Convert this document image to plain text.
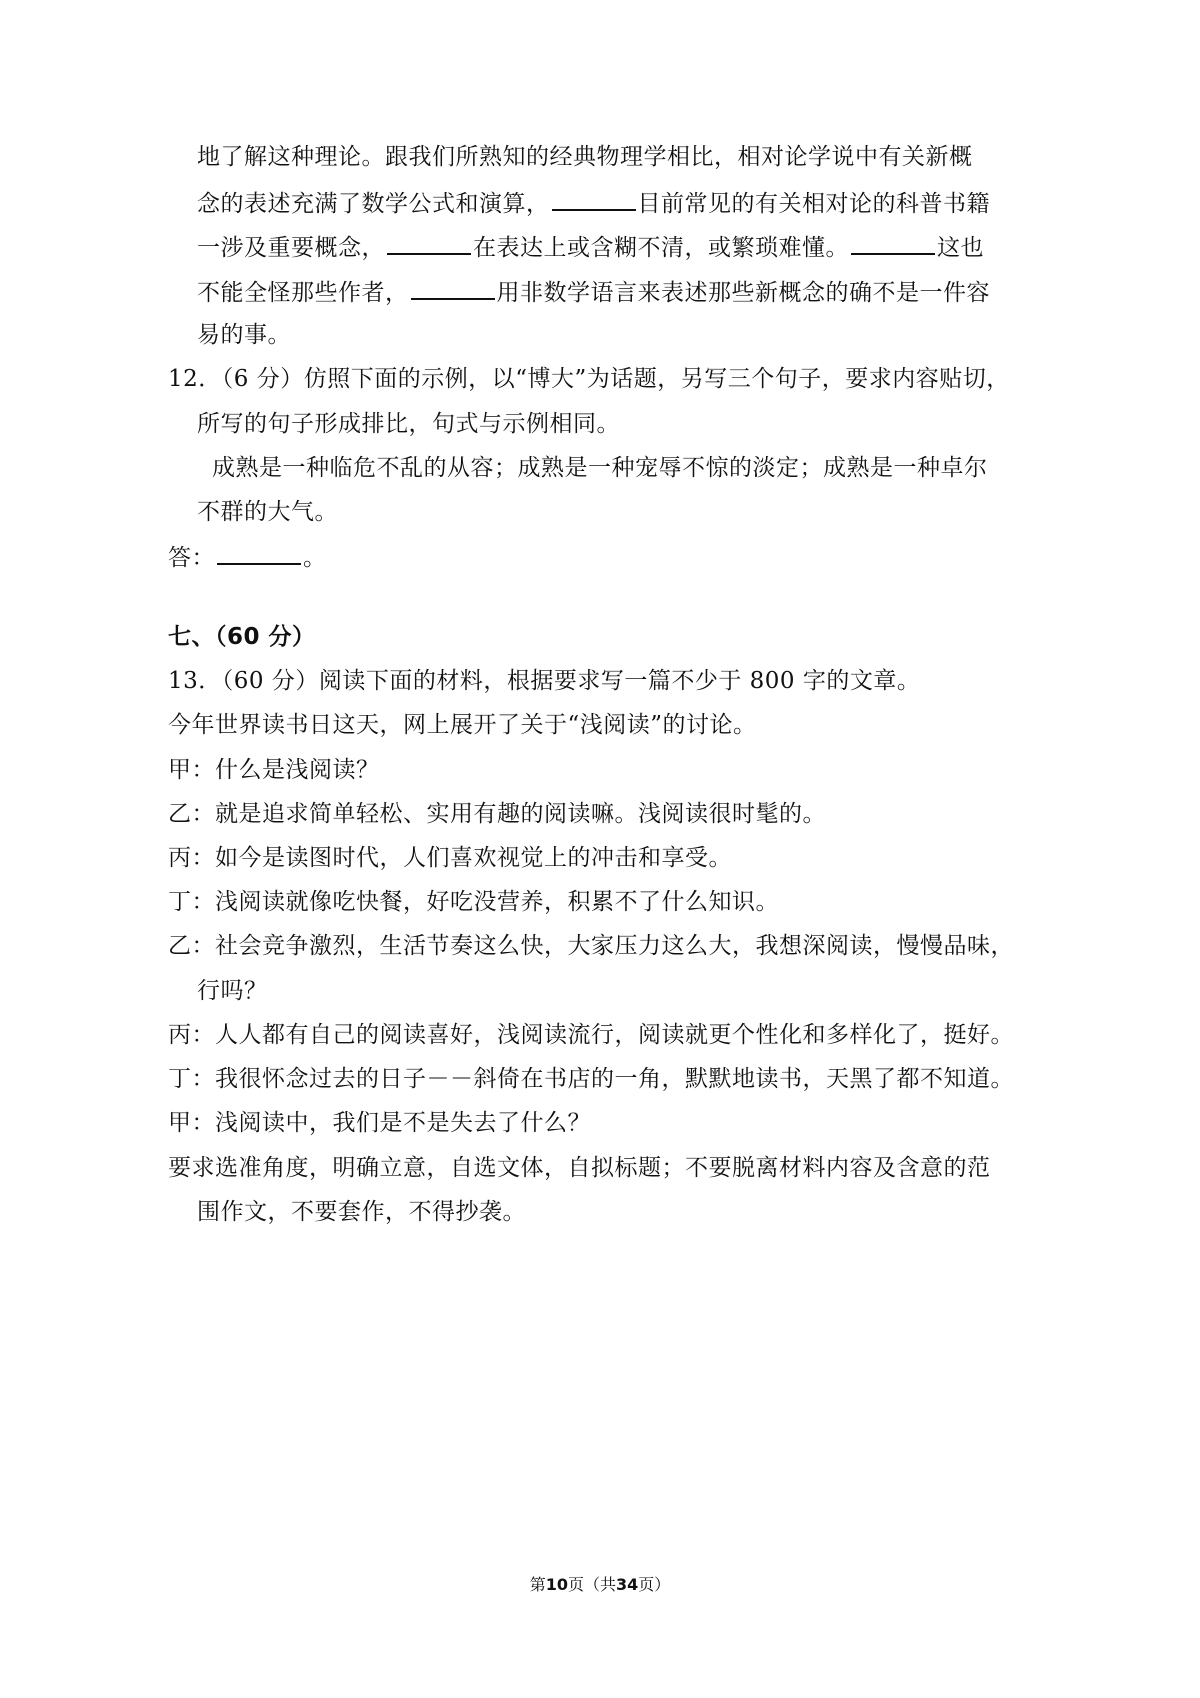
地了解这种理论。跟我们所熟知的经典物理学相比，相对论学说中有关新概
念的表述充满了数学公式和演算，	目前常见的有关相对论的科普书籍
一涉及重要概念，	在表达上或含糊不清，或繁琐难懂。	这也
不能全怪那些作者，	用非数学语言来表述那些新概念的确不是一件容
易的事。
12．（6 分）仿照下面的示例，以“博大”为话题，另写三个句子，要求内容贴切，
所写的句子形成排比，句式与示例相同。
成熟是一种临危不乱的从容；成熟是一种宠辱不惊的淡定；成熟是一种卓尔
不群的大气。
答：	。
七、（60 分）
13．（60 分）阅读下面的材料，根据要求写一篇不少于 800 字的文章。
今年世界读书日这天，网上展开了关于“浅阅读”的讨论。
甲：什么是浅阅读？
乙：就是追求简单轻松、实用有趣的阅读嘛。浅阅读很时髦的。
丙：如今是读图时代，人们喜欢视觉上的冲击和享受。
丁：浅阅读就像吃快餐，好吃没营养，积累不了什么知识。
乙：社会竞争激烈，生活节奏这么快，大家压力这么大，我想深阅读，慢慢品味，
行吗？
丙：人人都有自己的阅读喜好，浅阅读流行，阅读就更个性化和多样化了，挺好。
丁：我很怀念过去的日子－－斜倚在书店的一角，默默地读书，天黑了都不知道。
甲：浅阅读中，我们是不是失去了什么？
要求选准角度，明确立意，自选文体，自拟标题；不要脱离材料内容及含意的范
围作文，不要套作，不得抄袭。
第10页（共34页）
